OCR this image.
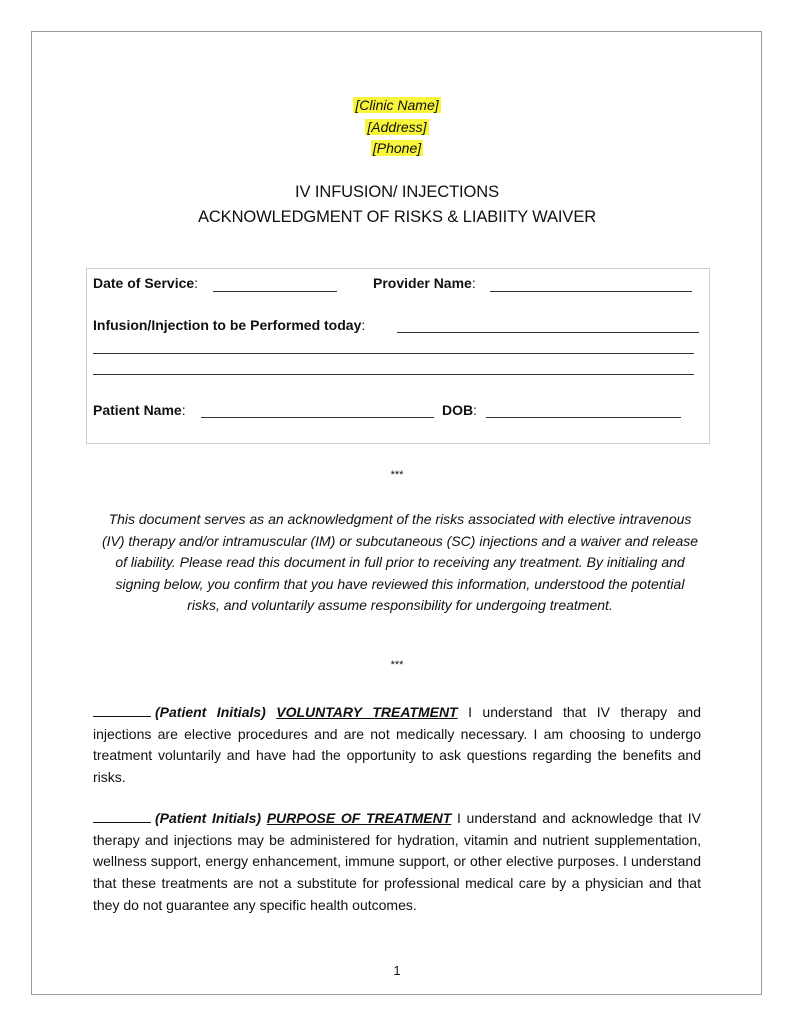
[Clinic Name]
[Address]
[Phone]
IV INFUSION/ INJECTIONS
ACKNOWLEDGMENT OF RISKS & LIABIITY WAIVER
Date of Service:	Provider Name:
Infusion/Injection to be Performed today:
Patient Name:	DOB:
***
This document serves as an acknowledgment of the risks associated with elective intravenous (IV) therapy and/or intramuscular (IM) or subcutaneous (SC) injections and a waiver and release of liability. Please read this document in full prior to receiving any treatment. By initialing and signing below, you confirm that you have reviewed this information, understood the potential risks, and voluntarily assume responsibility for undergoing treatment.
***
(Patient Initials) VOLUNTARY TREATMENT I understand that IV therapy and injections are elective procedures and are not medically necessary. I am choosing to undergo treatment voluntarily and have had the opportunity to ask questions regarding the benefits and risks.
(Patient Initials) PURPOSE OF TREATMENT I understand and acknowledge that IV therapy and injections may be administered for hydration, vitamin and nutrient supplementation, wellness support, energy enhancement, immune support, or other elective purposes. I understand that these treatments are not a substitute for professional medical care by a physician and that they do not guarantee any specific health outcomes.
1
